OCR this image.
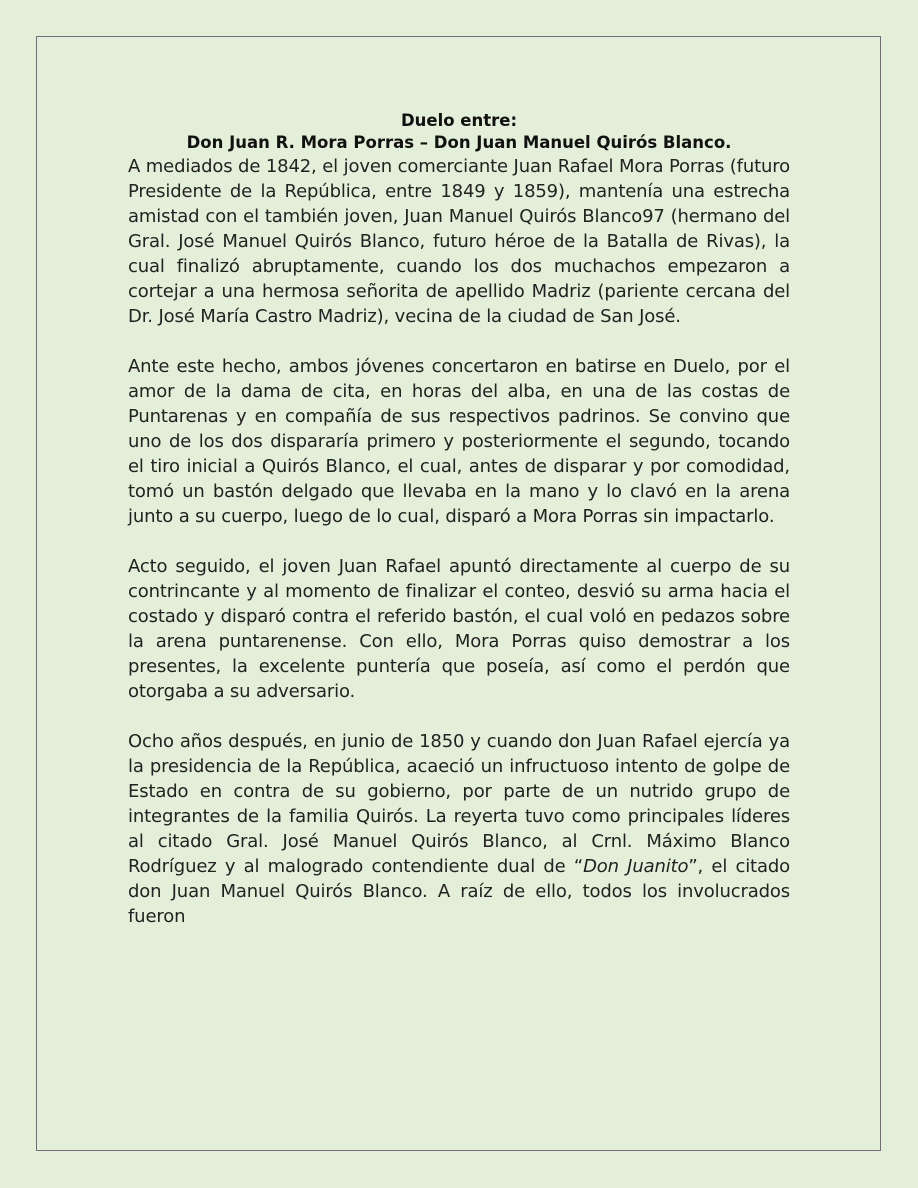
Duelo entre:

Don Juan R. Mora Porras – Don Juan Manuel Quirós Blanco.

A mediados de 1842, el joven comerciante Juan Rafael Mora Porras (futuro Presidente de la República, entre 1849 y 1859), mantenía una estrecha amistad con el también joven, Juan Manuel Quirós Blanco97 (hermano del Gral. José Manuel Quirós Blanco, futuro héroe de la Batalla de Rivas), la cual finalizó abruptamente, cuando los dos muchachos empezaron a cortejar a una hermosa señorita de apellido Madriz (pariente cercana del Dr. José María Castro Madriz), vecina de la ciudad de San José.

Ante este hecho, ambos jóvenes concertaron en batirse en Duelo, por el amor de la dama de cita, en horas del alba, en una de las costas de Puntarenas y en compañía de sus respectivos padrinos. Se convino que uno de los dos dispararía primero y posteriormente el segundo, tocando el tiro inicial a Quirós Blanco, el cual, antes de disparar y por comodidad, tomó un bastón delgado que llevaba en la mano y lo clavó en la arena junto a su cuerpo, luego de lo cual, disparó a Mora Porras sin impactarlo.

Acto seguido, el joven Juan Rafael apuntó directamente al cuerpo de su contrincante y al momento de finalizar el conteo, desvió su arma hacia el costado y disparó contra el referido bastón, el cual voló en pedazos sobre la arena puntarenense. Con ello, Mora Porras quiso demostrar a los presentes, la excelente puntería que poseía, así como el perdón que otorgaba a su adversario.

Ocho años después, en junio de 1850 y cuando don Juan Rafael ejercía ya la presidencia de la República, acaeció un infructuoso intento de golpe de Estado en contra de su gobierno, por parte de un nutrido grupo de integrantes de la familia Quirós. La reyerta tuvo como principales líderes al citado Gral. José Manuel Quirós Blanco, al Crnl. Máximo Blanco Rodríguez y al malogrado contendiente dual de “Don Juanito”, el citado don Juan Manuel Quirós Blanco. A raíz de ello, todos los involucrados fueron
